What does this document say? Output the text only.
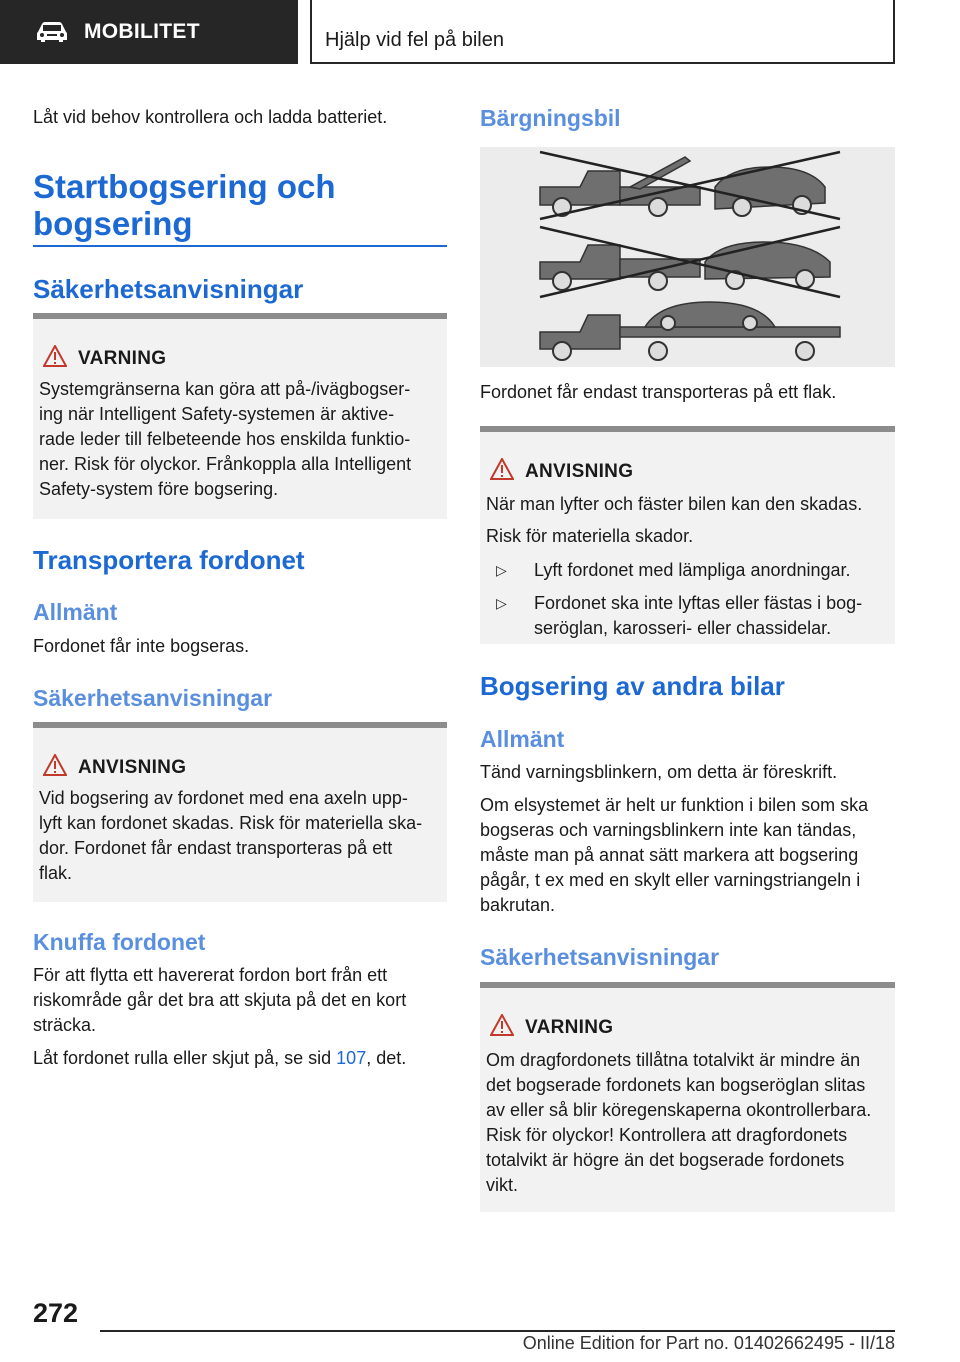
MOBILITET	Hjälp vid fel på bilen

Låt vid behov kontrollera och ladda batteriet.

Startbogsering och
bogsering
Säkerhetsanvisningar
VARNING
Systemgränserna kan göra att på-/ivägbogser-
ing när Intelligent Safety-systemen är aktive-
rade leder till felbeteende hos enskilda funktio-
ner. Risk för olyckor. Frånkoppla alla Intelligent
Safety-system före bogsering.
Transportera fordonet
Allmänt

Fordonet får inte bogseras.

Säkerhetsanvisningar
ANVISNING
Vid bogsering av fordonet med ena axeln upp-
lyft kan fordonet skadas. Risk för materiella ska-
dor. Fordonet får endast transporteras på ett
flak.
Knuffa fordonet
För att flytta ett havererat fordon bort från ett
riskområde går det bra att skjuta på det en kort
sträcka.

Låt fordonet rulla eller skjut på, se sid 107, det.

Bärgningsbil

Fordonet får endast transporteras på ett flak.

ANVISNING
När man lyfter och fäster bilen kan den skadas.
Risk för materiella skador.
▷ Lyft fordonet med lämpliga anordningar.
▷ Fordonet ska inte lyftas eller fästas i bog-
seröglan, karosseri- eller chassidelar.
Bogsering av andra bilar
Allmänt

Tänd varningsblinkern, om detta är föreskrift.

Om elsystemet är helt ur funktion i bilen som ska
bogseras och varningsblinkern inte kan tändas,
måste man på annat sätt markera att bogsering
pågår, t ex med en skylt eller varningstriangeln i
bakrutan.
Säkerhetsanvisningar
VARNING
Om dragfordonets tillåtna totalvikt är mindre än
det bogserade fordonets kan bogseröglan slitas
av eller så blir köregenskaperna okontrollerbara.
Risk för olyckor! Kontrollera att dragfordonets
totalvikt är högre än det bogserade fordonets
vikt.
272
Online Edition for Part no. 01402662495 - II/18
